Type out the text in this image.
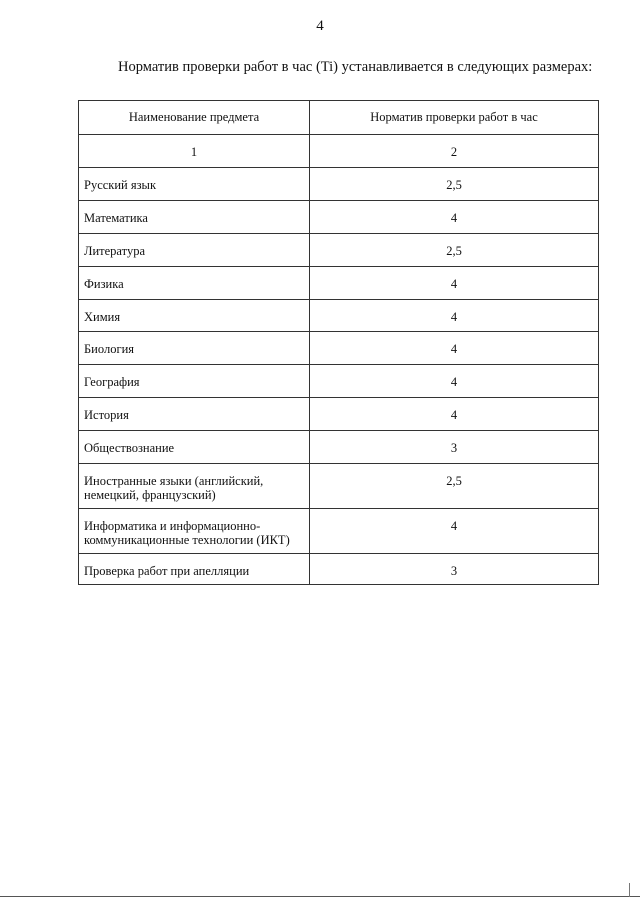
4

Норматив проверки работ в час (Ti) устанавливается в следующих размерах:

Наименование предмета	Норматив проверки работ в час
1	2
Русский язык	2,5
Математика	4
Литература	2,5
Физика	4
Химия	4
Биология	4
География	4
История	4
Обществознание	3
Иностранные языки (английский, немецкий, французский)	2,5
Информатика и информационно-коммуникационные технологии (ИКТ)	4
Проверка работ при апелляции	3
